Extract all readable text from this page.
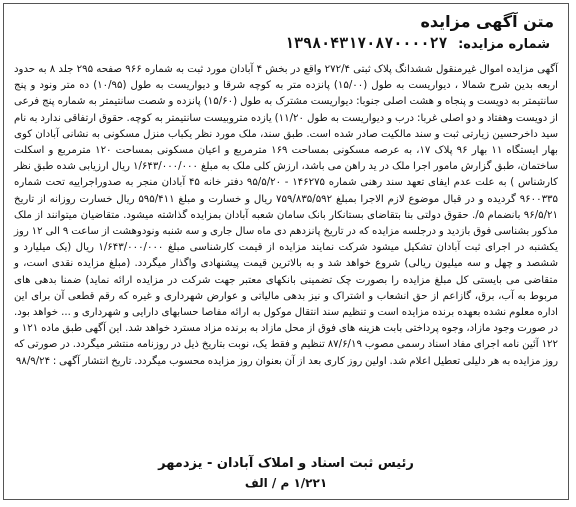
متن آگهی مزایده
شماره مزایده: ۱۳۹۸۰۴۳۱۷۰۸۷۰۰۰۰۲۷
آگهی مزایده اموال غیرمنقول ششدانگ پلاک ثبتی ۲۷۲/۴ واقع در بخش ۴ آبادان مورد ثبت به شماره ۹۶۶ صفحه ۲۹۵ جلد ۸ به حدود اربعه بدین شرح شمالا ، دیواریست به طول (۱۵/۰۰) پانزده متر به کوچه شرقا و دیواریست به طول (۱۰/۹۵) ده متر ونود و پنج سانتیمتر به دویست و پنجاه و هشت اصلی جنوبا: دیواریست مشترک به طول (۱۵/۶۰) پانزده و شصت سانتیمتر به شماره پنج فرعی از دویست وهفتاد و دو اصلی غربا: درب و دیواریست به طول ۱۱/۲۰) یازده متروبیست سانتیمتر به کوچه. حقوق ارتفاقی ندارد به نام سید داخرحسین زیارتی ثبت و سند مالکیت صادر شده است. طبق سند، ملک مورد نظر یکباب منزل مسکونی به نشانی آبادان کوی بهار ایستگاه ۱۱ بهار ۹۶ پلاک ۱۷، به عرصه مسکونی بمساحت ۱۶۹ مترمربع و اعیان مسکونی بمساحت ۱۲۰ مترمربع و اسکلت ساختمان، طبق گزارش مامور اجرا ملک در ید راهن می باشد، ارزش کلی ملک به مبلغ ۱/۶۴۳/۰۰۰/۰۰۰ ریال ارزیابی شده طبق نظر کارشناس ) به علت عدم ایفای تعهد سند رهنی شماره ۱۴۶۲۷۵ - ۹۵/۵/۲۰ دفتر خانه ۴۵ آبادان منجر به صدوراجراییه تحت شماره ۹۶۰۰۳۳۵ گردیده و در قبال موضوع لازم الاجرا بمبلغ ۷۵۹/۸۳۵/۵۹۲ ریال و خسارت و مبلغ ۵۹۵/۴۱۱ ریال خسارت روزانه از تاریخ ۹۶/۵/۲۱ بانضمام ۵/. حقوق دولتی بنا بتقاضای بستانکار بانک سامان شعبه آبادان بمزایده گذاشته میشود. متقاضیان میتوانند از ملک مذکور بشناسی فوق بازدید و درجلسه مزایده که در تاریخ پانزدهم دی ماه سال جاری و سه شنبه ونودوهشت از ساعت ۹ الی ۱۲ روز یکشنبه در اجرای ثبت آبادان تشکیل میشود شرکت نمایند مزایده از قیمت کارشناسی مبلغ ۱/۶۴۳/۰۰۰/۰۰۰ ریال (یک میلیارد و ششصد و چهل و سه میلیون ریالی) شروع خواهد شد و به بالاترین قیمت پیشنهادی واگذار میگردد. (مبلغ مزایده نقدی است، و متقاضی می بایستی کل مبلغ مزایده را بصورت چک تضمینی بانکهای معتبر جهت شرکت در مزایده ارائه نماید) ضمنا بدهی های مربوط به آب، برق، گازاعم از حق انشعاب و اشتراک و نیز بدهی مالیاتی و عوارض شهرداری و غیره که رقم قطعی آن برای این اداره معلوم نشده بعهده برنده مزایده است و تنظیم سند انتقال موکول به ارائه مفاصا حسابهای دارایی و شهرداری و ... خواهد بود. در صورت وجود مازاد، وجوه پرداختی بابت هزینه های فوق از محل مازاد به برنده مزاد مسترد خواهد شد. این آگهی طبق ماده ۱۲۱ و ۱۲۲ آئین نامه اجرای مفاد اسناد رسمی مصوب ۸۷/۶/۱۹ تنظیم و فقط یک، نوبت بتاریخ ذیل در روزنامه منتشر میگردد. در صورتی که روز مزایده به هر دلیلی تعطیل اعلام شد. اولین روز کاری بعد از آن بعنوان روز مزایده محسوب میگردد. تاریخ انتشار آگهی : ۹۸/۹/۲۴
رئیس ثبت اسناد و املاک آبادان - یزدمهر
۱/۲۲۱ م / الف
